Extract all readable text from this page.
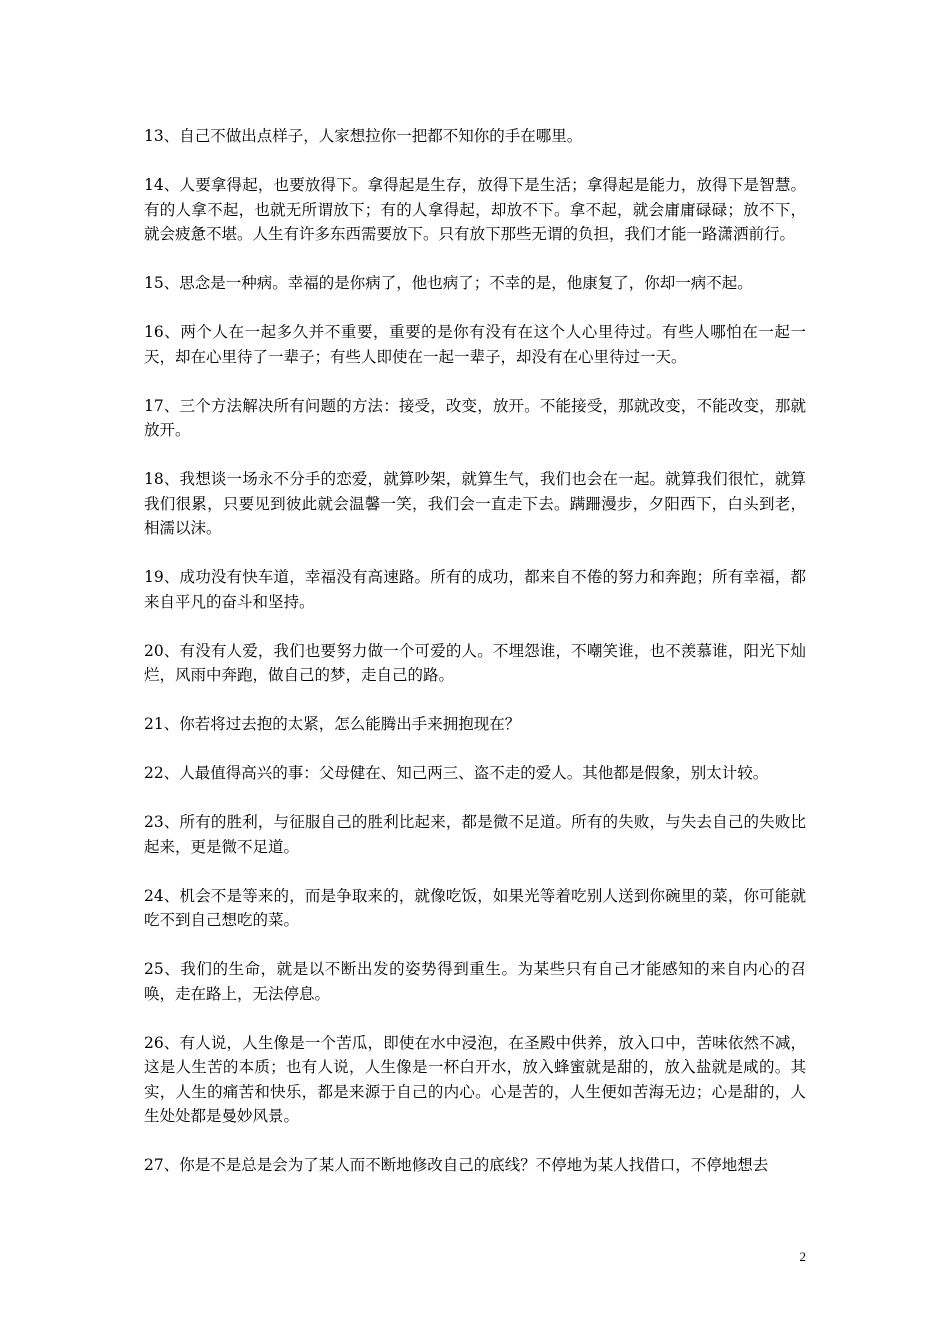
13、自己不做出点样子，人家想拉你一把都不知你的手在哪里。

14、人要拿得起，也要放得下。拿得起是生存，放得下是生活；拿得起是能力，放得下是智慧。有的人拿不起，也就无所谓放下；有的人拿得起，却放不下。拿不起，就会庸庸碌碌；放不下，就会疲惫不堪。人生有许多东西需要放下。只有放下那些无谓的负担，我们才能一路潇洒前行。

15、思念是一种病。幸福的是你病了，他也病了；不幸的是，他康复了，你却一病不起。

16、两个人在一起多久并不重要，重要的是你有没有在这个人心里待过。有些人哪怕在一起一天，却在心里待了一辈子；有些人即使在一起一辈子，却没有在心里待过一天。

17、三个方法解决所有问题的方法：接受，改变，放开。不能接受，那就改变，不能改变，那就放开。

18、我想谈一场永不分手的恋爱，就算吵架，就算生气，我们也会在一起。就算我们很忙，就算我们很累，只要见到彼此就会温馨一笑，我们会一直走下去。蹒跚漫步，夕阳西下，白头到老，相濡以沫。

19、成功没有快车道，幸福没有高速路。所有的成功，都来自不倦的努力和奔跑；所有幸福，都来自平凡的奋斗和坚持。

20、有没有人爱，我们也要努力做一个可爱的人。不埋怨谁，不嘲笑谁，也不羡慕谁，阳光下灿烂，风雨中奔跑，做自己的梦，走自己的路。

21、你若将过去抱的太紧，怎么能腾出手来拥抱现在？

22、人最值得高兴的事：父母健在、知己两三、盗不走的爱人。其他都是假象，别太计较。

23、所有的胜利，与征服自己的胜利比起来，都是微不足道。所有的失败，与失去自己的失败比起来，更是微不足道。

24、机会不是等来的，而是争取来的，就像吃饭，如果光等着吃别人送到你碗里的菜，你可能就吃不到自己想吃的菜。

25、我们的生命，就是以不断出发的姿势得到重生。为某些只有自己才能感知的来自内心的召唤，走在路上，无法停息。

26、有人说，人生像是一个苦瓜，即使在水中浸泡，在圣殿中供养，放入口中，苦味依然不减，这是人生苦的本质；也有人说，人生像是一杯白开水，放入蜂蜜就是甜的，放入盐就是咸的。其实，人生的痛苦和快乐，都是来源于自己的内心。心是苦的，人生便如苦海无边；心是甜的，人生处处都是曼妙风景。

27、你是不是总是会为了某人而不断地修改自己的底线？不停地为某人找借口，不停地想去

2
